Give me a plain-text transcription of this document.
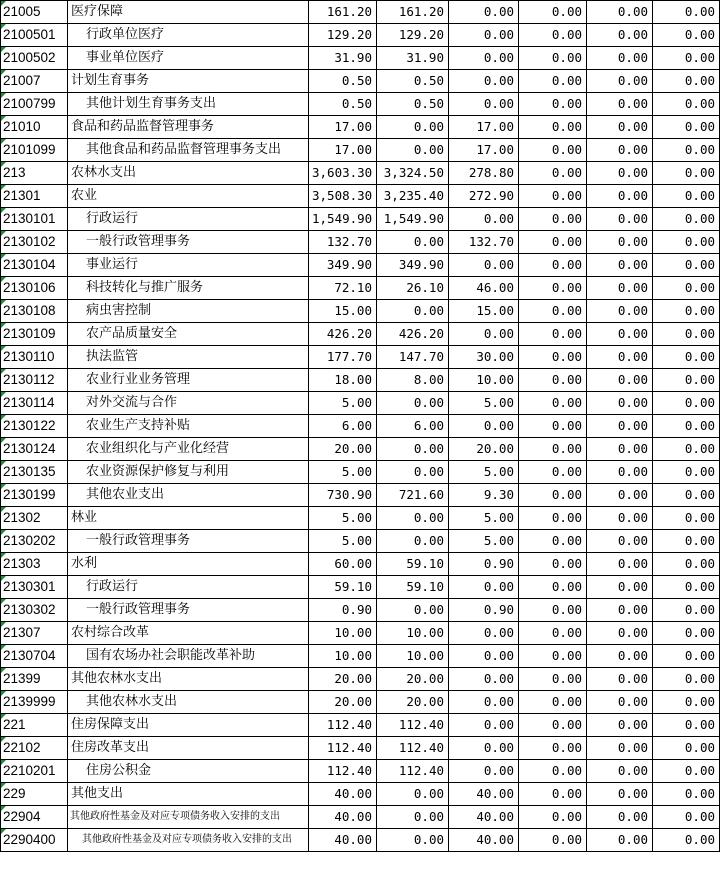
21005	医疗保障	161.20	161.20	0.00	0.00	0.00	0.00
2100501	行政单位医疗	129.20	129.20	0.00	0.00	0.00	0.00
2100502	事业单位医疗	31.90	31.90	0.00	0.00	0.00	0.00
21007	计划生育事务	0.50	0.50	0.00	0.00	0.00	0.00
2100799	其他计划生育事务支出	0.50	0.50	0.00	0.00	0.00	0.00
21010	食品和药品监督管理事务	17.00	0.00	17.00	0.00	0.00	0.00
2101099	其他食品和药品监督管理事务支出	17.00	0.00	17.00	0.00	0.00	0.00
213	农林水支出	3,603.30	3,324.50	278.80	0.00	0.00	0.00
21301	农业	3,508.30	3,235.40	272.90	0.00	0.00	0.00
2130101	行政运行	1,549.90	1,549.90	0.00	0.00	0.00	0.00
2130102	一般行政管理事务	132.70	0.00	132.70	0.00	0.00	0.00
2130104	事业运行	349.90	349.90	0.00	0.00	0.00	0.00
2130106	科技转化与推广服务	72.10	26.10	46.00	0.00	0.00	0.00
2130108	病虫害控制	15.00	0.00	15.00	0.00	0.00	0.00
2130109	农产品质量安全	426.20	426.20	0.00	0.00	0.00	0.00
2130110	执法监管	177.70	147.70	30.00	0.00	0.00	0.00
2130112	农业行业业务管理	18.00	8.00	10.00	0.00	0.00	0.00
2130114	对外交流与合作	5.00	0.00	5.00	0.00	0.00	0.00
2130122	农业生产支持补贴	6.00	6.00	0.00	0.00	0.00	0.00
2130124	农业组织化与产业化经营	20.00	0.00	20.00	0.00	0.00	0.00
2130135	农业资源保护修复与利用	5.00	0.00	5.00	0.00	0.00	0.00
2130199	其他农业支出	730.90	721.60	9.30	0.00	0.00	0.00
21302	林业	5.00	0.00	5.00	0.00	0.00	0.00
2130202	一般行政管理事务	5.00	0.00	5.00	0.00	0.00	0.00
21303	水利	60.00	59.10	0.90	0.00	0.00	0.00
2130301	行政运行	59.10	59.10	0.00	0.00	0.00	0.00
2130302	一般行政管理事务	0.90	0.00	0.90	0.00	0.00	0.00
21307	农村综合改革	10.00	10.00	0.00	0.00	0.00	0.00
2130704	国有农场办社会职能改革补助	10.00	10.00	0.00	0.00	0.00	0.00
21399	其他农林水支出	20.00	20.00	0.00	0.00	0.00	0.00
2139999	其他农林水支出	20.00	20.00	0.00	0.00	0.00	0.00
221	住房保障支出	112.40	112.40	0.00	0.00	0.00	0.00
22102	住房改革支出	112.40	112.40	0.00	0.00	0.00	0.00
2210201	住房公积金	112.40	112.40	0.00	0.00	0.00	0.00
229	其他支出	40.00	0.00	40.00	0.00	0.00	0.00
22904	其他政府性基金及对应专项债务收入安排的支出	40.00	0.00	40.00	0.00	0.00	0.00
2290400	其他政府性基金及对应专项债务收入安排的支出	40.00	0.00	40.00	0.00	0.00	0.00
